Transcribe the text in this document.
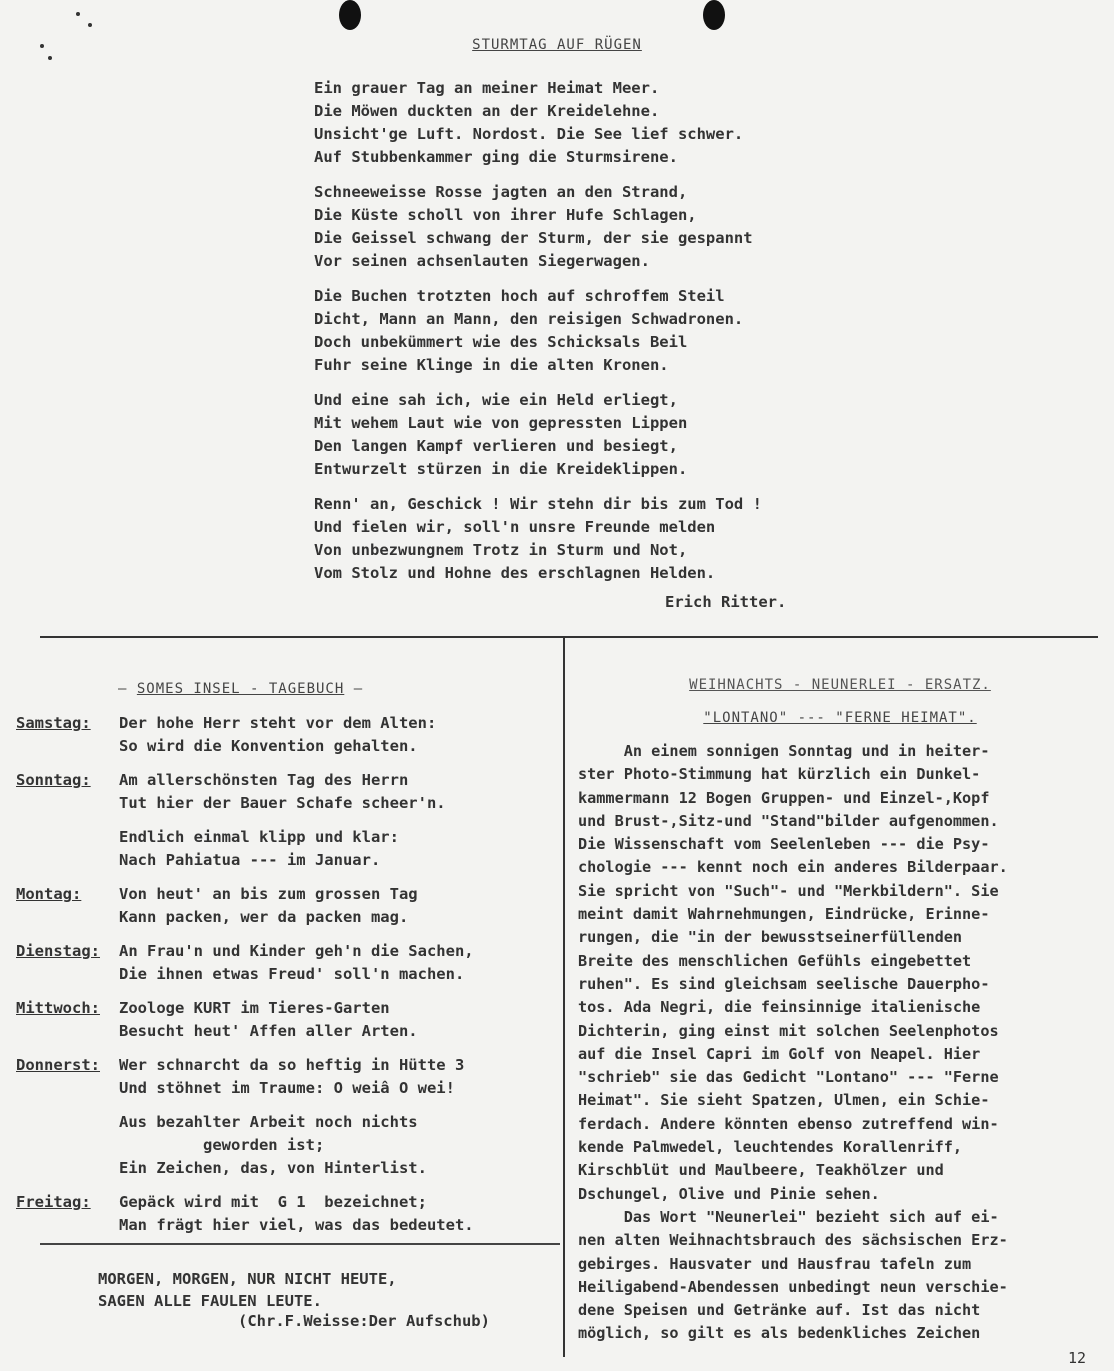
STURMTAG AUF RÜGEN
Ein grauer Tag an meiner Heimat Meer.
Die Möwen duckten an der Kreidelehne.
Unsicht'ge Luft. Nordost. Die See lief schwer.
Auf Stubbenkammer ging die Sturmsirene.
Schneeweisse Rosse jagten an den Strand,
Die Küste scholl von ihrer Hufe Schlagen,
Die Geissel schwang der Sturm, der sie gespannt
Vor seinen achsenlauten Siegerwagen.
Die Buchen trotzten hoch auf schroffem Steil
Dicht, Mann an Mann, den reisigen Schwadronen.
Doch unbekümmert wie des Schicksals Beil
Fuhr seine Klinge in die alten Kronen.
Und eine sah ich, wie ein Held erliegt,
Mit wehem Laut wie von gepressten Lippen
Den langen Kampf verlieren und besiegt,
Entwurzelt stürzen in die Kreideklippen.
Renn' an, Geschick ! Wir stehn dir bis zum Tod !
Und fielen wir, soll'n unsre Freunde melden
Von unbezwungnem Trotz in Sturm und Not,
Vom Stolz und Hohne des erschlagnen Helden.
Erich Ritter.
— SOMES INSEL - TAGEBUCH —
Samstag:	Der hohe Herr steht vor dem Alten:
So wird die Konvention gehalten.
Sonntag:	Am allerschönsten Tag des Herrn
Tut hier der Bauer Schafe scheer'n.
Endlich einmal klipp und klar:
Nach Pahiatua --- im Januar.
Montag:	Von heut' an bis zum grossen Tag
Kann packen, wer da packen mag.
Dienstag:	An Frau'n und Kinder geh'n die Sachen,
Die ihnen etwas Freud' soll'n machen.
Mittwoch:	Zoologe KURT im Tieres-Garten
Besucht heut' Affen aller Arten.
Donnerst:	Wer schnarcht da so heftig in Hütte 3
Und stöhnet im Traume: O weiâ O wei!
Aus bezahlter Arbeit noch nichts
geworden ist;
Ein Zeichen, das, von Hinterlist.
Freitag:	Gepäck wird mit  G 1  bezeichnet;
Man frägt hier viel, was das bedeutet.
MORGEN, MORGEN, NUR NICHT HEUTE,
SAGEN ALLE FAULEN LEUTE.
(Chr.F.Weisse:Der Aufschub)
WEIHNACHTS - NEUNERLEI - ERSATZ.
"LONTANO" --- "FERNE HEIMAT".
An einem sonnigen Sonntag und in heiter-
ster Photo-Stimmung hat kürzlich ein Dunkel-
kammermann 12 Bogen Gruppen- und Einzel-,Kopf
und Brust-,Sitz-und "Stand"bilder aufgenommen.
Die Wissenschaft vom Seelenleben --- die Psy-
chologie --- kennt noch ein anderes Bilderpaar.
Sie spricht von "Such"- und "Merkbildern". Sie
meint damit Wahrnehmungen, Eindrücke, Erinne-
rungen, die "in der bewusstseinerfüllenden
Breite des menschlichen Gefühls eingebettet
ruhen". Es sind gleichsam seelische Dauerpho-
tos. Ada Negri, die feinsinnige italienische
Dichterin, ging einst mit solchen Seelenphotos
auf die Insel Capri im Golf von Neapel. Hier
"schrieb" sie das Gedicht "Lontano" --- "Ferne
Heimat". Sie sieht Spatzen, Ulmen, ein Schie-
ferdach. Andere könnten ebenso zutreffend win-
kende Palmwedel, leuchtendes Korallenriff,
Kirschblüt und Maulbeere, Teakhölzer und
Dschungel, Olive und Pinie sehen.
Das Wort "Neunerlei" bezieht sich auf ei-
nen alten Weihnachtsbrauch des sächsischen Erz-
gebirges. Hausvater und Hausfrau tafeln zum
Heiligabend-Abendessen unbedingt neun verschie-
dene Speisen und Getränke auf. Ist das nicht
möglich, so gilt es als bedenkliches Zeichen
12
